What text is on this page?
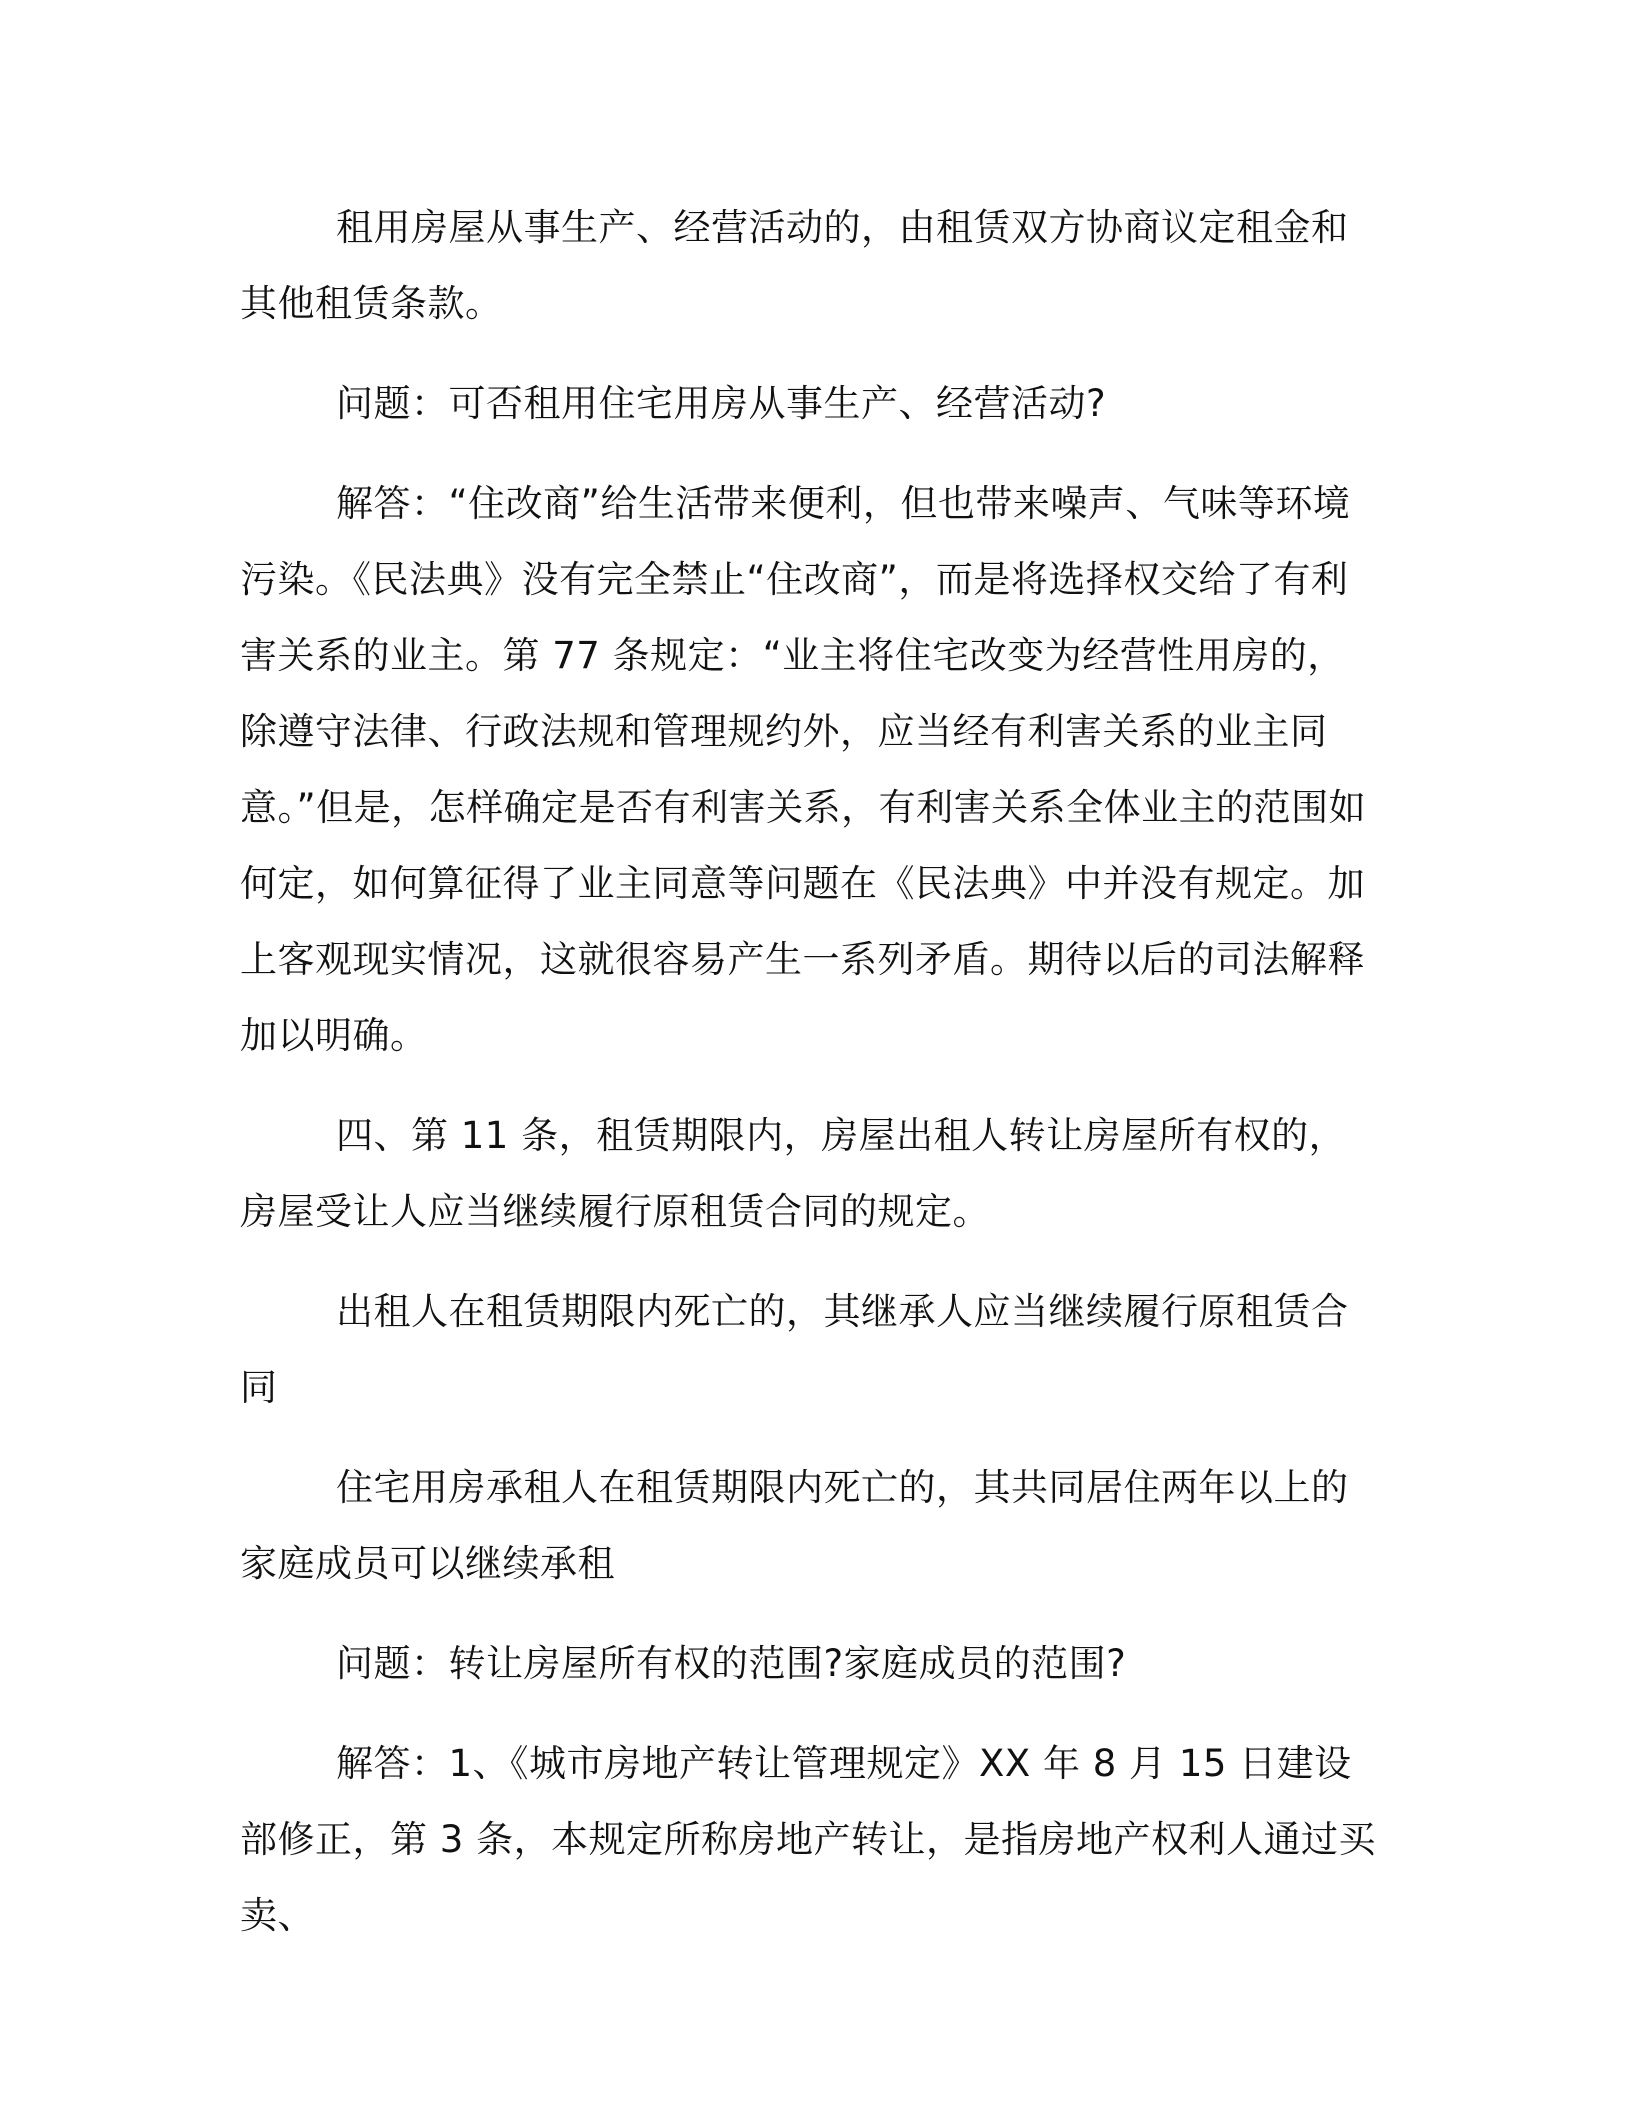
租用房屋从事生产、经营活动的，由租赁双方协商议定租金和其他租赁条款。

问题：可否租用住宅用房从事生产、经营活动?

解答：“住改商”给生活带来便利，但也带来噪声、气味等环境污染。《民法典》没有完全禁止“住改商”，而是将选择权交给了有利害关系的业主。第 77 条规定：“业主将住宅改变为经营性用房的，除遵守法律、行政法规和管理规约外，应当经有利害关系的业主同意。”但是，怎样确定是否有利害关系，有利害关系全体业主的范围如何定，如何算征得了业主同意等问题在《民法典》中并没有规定。加上客观现实情况，这就很容易产生一系列矛盾。期待以后的司法解释加以明确。

四、第 11 条，租赁期限内，房屋出租人转让房屋所有权的，房屋受让人应当继续履行原租赁合同的规定。

出租人在租赁期限内死亡的，其继承人应当继续履行原租赁合同

住宅用房承租人在租赁期限内死亡的，其共同居住两年以上的家庭成员可以继续承租

问题：转让房屋所有权的范围?家庭成员的范围?

解答：1、《城市房地产转让管理规定》XX 年 8 月 15 日建设部修正，第 3 条，本规定所称房地产转让，是指房地产权利人通过买卖、
